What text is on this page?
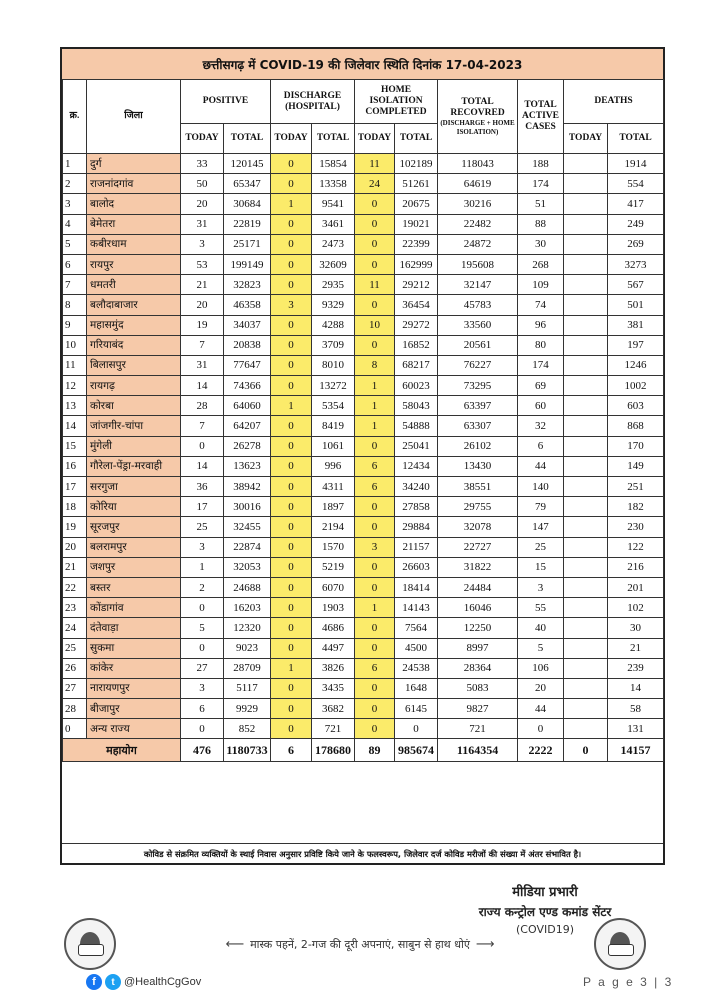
छत्तीसगढ़ में COVID-19 की जिलेवार स्थिति दिनांक 17-04-2023
क्र.	जिला	POSITIVE		DISCHARGE (HOSPITAL)		HOME ISOLATION COMPLETED		TOTAL RECOVRED
(DISCHARGE + HOME ISOLATION)	TOTAL ACTIVE CASES	DEATHS	
		TODAY	TOTAL	TODAY	TOTAL	TODAY	TOTAL			TODAY	TOTAL
1	दुर्ग	33	120145	0	15854	11	102189	118043	188		1914
2	राजनांदगांव	50	65347	0	13358	24	51261	64619	174		554
3	बालोद	20	30684	1	9541	0	20675	30216	51		417
4	बेमेतरा	31	22819	0	3461	0	19021	22482	88		249
5	कबीरधाम	3	25171	0	2473	0	22399	24872	30		269
6	रायपुर	53	199149	0	32609	0	162999	195608	268		3273
7	धमतरी	21	32823	0	2935	11	29212	32147	109		567
8	बलौदाबाजार	20	46358	3	9329	0	36454	45783	74		501
9	महासमुंद	19	34037	0	4288	10	29272	33560	96		381
10	गरियाबंद	7	20838	0	3709	0	16852	20561	80		197
11	बिलासपुर	31	77647	0	8010	8	68217	76227	174		1246
12	रायगढ़	14	74366	0	13272	1	60023	73295	69		1002
13	कोरबा	28	64060	1	5354	1	58043	63397	60		603
14	जांजगीर-चांपा	7	64207	0	8419	1	54888	63307	32		868
15	मुंगेली	0	26278	0	1061	0	25041	26102	6		170
16	गौरेला-पेंड्रा-मरवाही	14	13623	0	996	6	12434	13430	44		149
17	सरगुजा	36	38942	0	4311	6	34240	38551	140		251
18	कोरिया	17	30016	0	1897	0	27858	29755	79		182
19	सूरजपुर	25	32455	0	2194	0	29884	32078	147		230
20	बलरामपुर	3	22874	0	1570	3	21157	22727	25		122
21	जशपुर	1	32053	0	5219	0	26603	31822	15		216
22	बस्तर	2	24688	0	6070	0	18414	24484	3		201
23	कोंडागांव	0	16203	0	1903	1	14143	16046	55		102
24	दंतेवाड़ा	5	12320	0	4686	0	7564	12250	40		30
25	सुकमा	0	9023	0	4497	0	4500	8997	5		21
26	कांकेर	27	28709	1	3826	6	24538	28364	106		239
27	नारायणपुर	3	5117	0	3435	0	1648	5083	20		14
28	बीजापुर	6	9929	0	3682	0	6145	9827	44		58
0	अन्य राज्य	0	852	0	721	0	0	721	0		131
महायोग		476	1180733	6	178680	89	985674	1164354	2222	0	14157
कोविड से संक्रमित व्यक्तियों के स्थाई निवास अनुसार प्रविष्टि किये जाने के फलस्वरूप, जिलेवार दर्ज कोविड मरीजों की संख्या में अंतर संभावित है।
मीडिया प्रभारी
राज्य कन्ट्रोल एण्ड कमांड सेंटर
(COVID19)
⟵ मास्क पहनें, 2-गज की दूरी अपनाएं, साबुन से हाथ धोएं ⟶
f	t @HealthCgGov	P a g e 3 | 3
